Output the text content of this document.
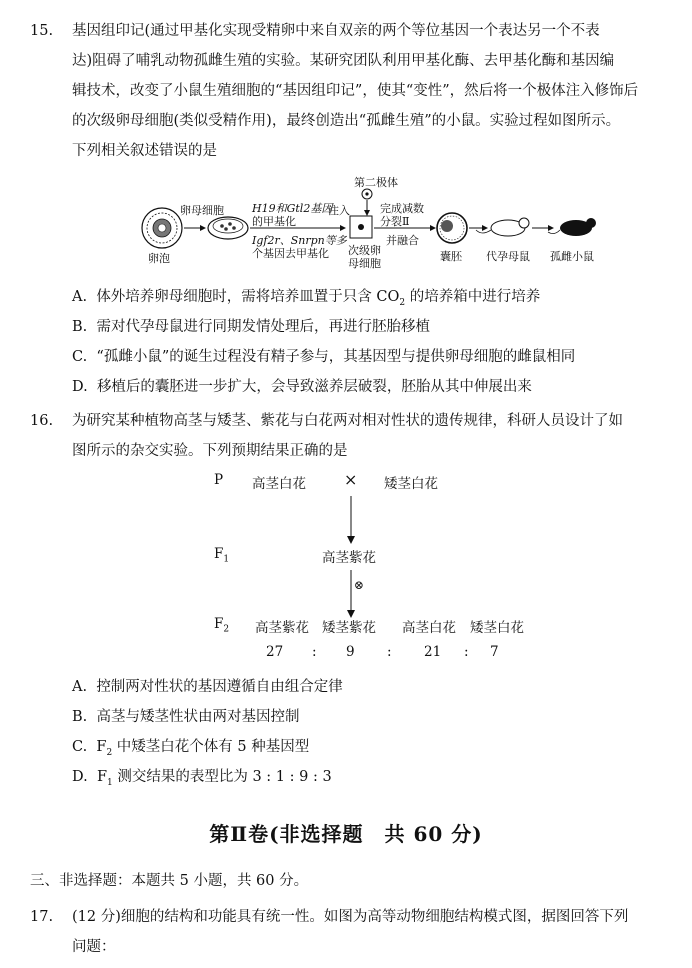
15. 基因组印记(通过甲基化实现受精卵中来自双亲的两个等位基因一个表达另一个不表
达)阻碍了哺乳动物孤雌生殖的实验。某研究团队利用甲基化酶、去甲基化酶和基因编
辑技术，改变了小鼠生殖细胞的“基因组印记”，使其“变性”，然后将一个极体注入修饰后
的次级卵母细胞(类似受精作用)，最终创造出“孤雌生殖”的小鼠。实验过程如图所示。
下列相关叙述错误的是
第二极体
卵母细胞
卵泡
H19和Gtl2基因
的甲基化
Igf2r、Snrpn等多
个基因去甲基化
注入
次级卵
母细胞
完成减数
分裂Ⅱ
并融合
囊胚 代孕母鼠 孤雌小鼠
A. 体外培养卵母细胞时，需将培养皿置于只含 $CO_2$ 的培养箱中进行培养
B. 需对代孕母鼠进行同期发情处理后，再进行胚胎移植
C. “孤雌小鼠”的诞生过程没有精子参与，其基因型与提供卵母细胞的雌鼠相同
D. 移植后的囊胚进一步扩大，会导致滋养层破裂，胚胎从其中伸展出来
16. 为研究某种植物高茎与矮茎、紫花与白花两对相对性状的遗传规律，科研人员设计了如
图所示的杂交实验。下列预期结果正确的是
P 高茎白花 × 矮茎白花
$F_1$	高茎紫花
⊗
$F_2$ 高茎紫花 矮茎紫花 高茎白花 矮茎白花
27 : 9 : 21 : 7
A. 控制两对性状的基因遵循自由组合定律
B. 高茎与矮茎性状由两对基因控制
C. $F_2$ 中矮茎白花个体有 5 种基因型
D. $F_1$ 测交结果的表型比为 3 : 1 : 9 : 3
第Ⅱ卷(非选择题　共 60 分)
三、非选择题：本题共 5 小题，共 60 分。
17. (12 分)细胞的结构和功能具有统一性。如图为高等动物细胞结构模式图，据图回答下列
问题：
